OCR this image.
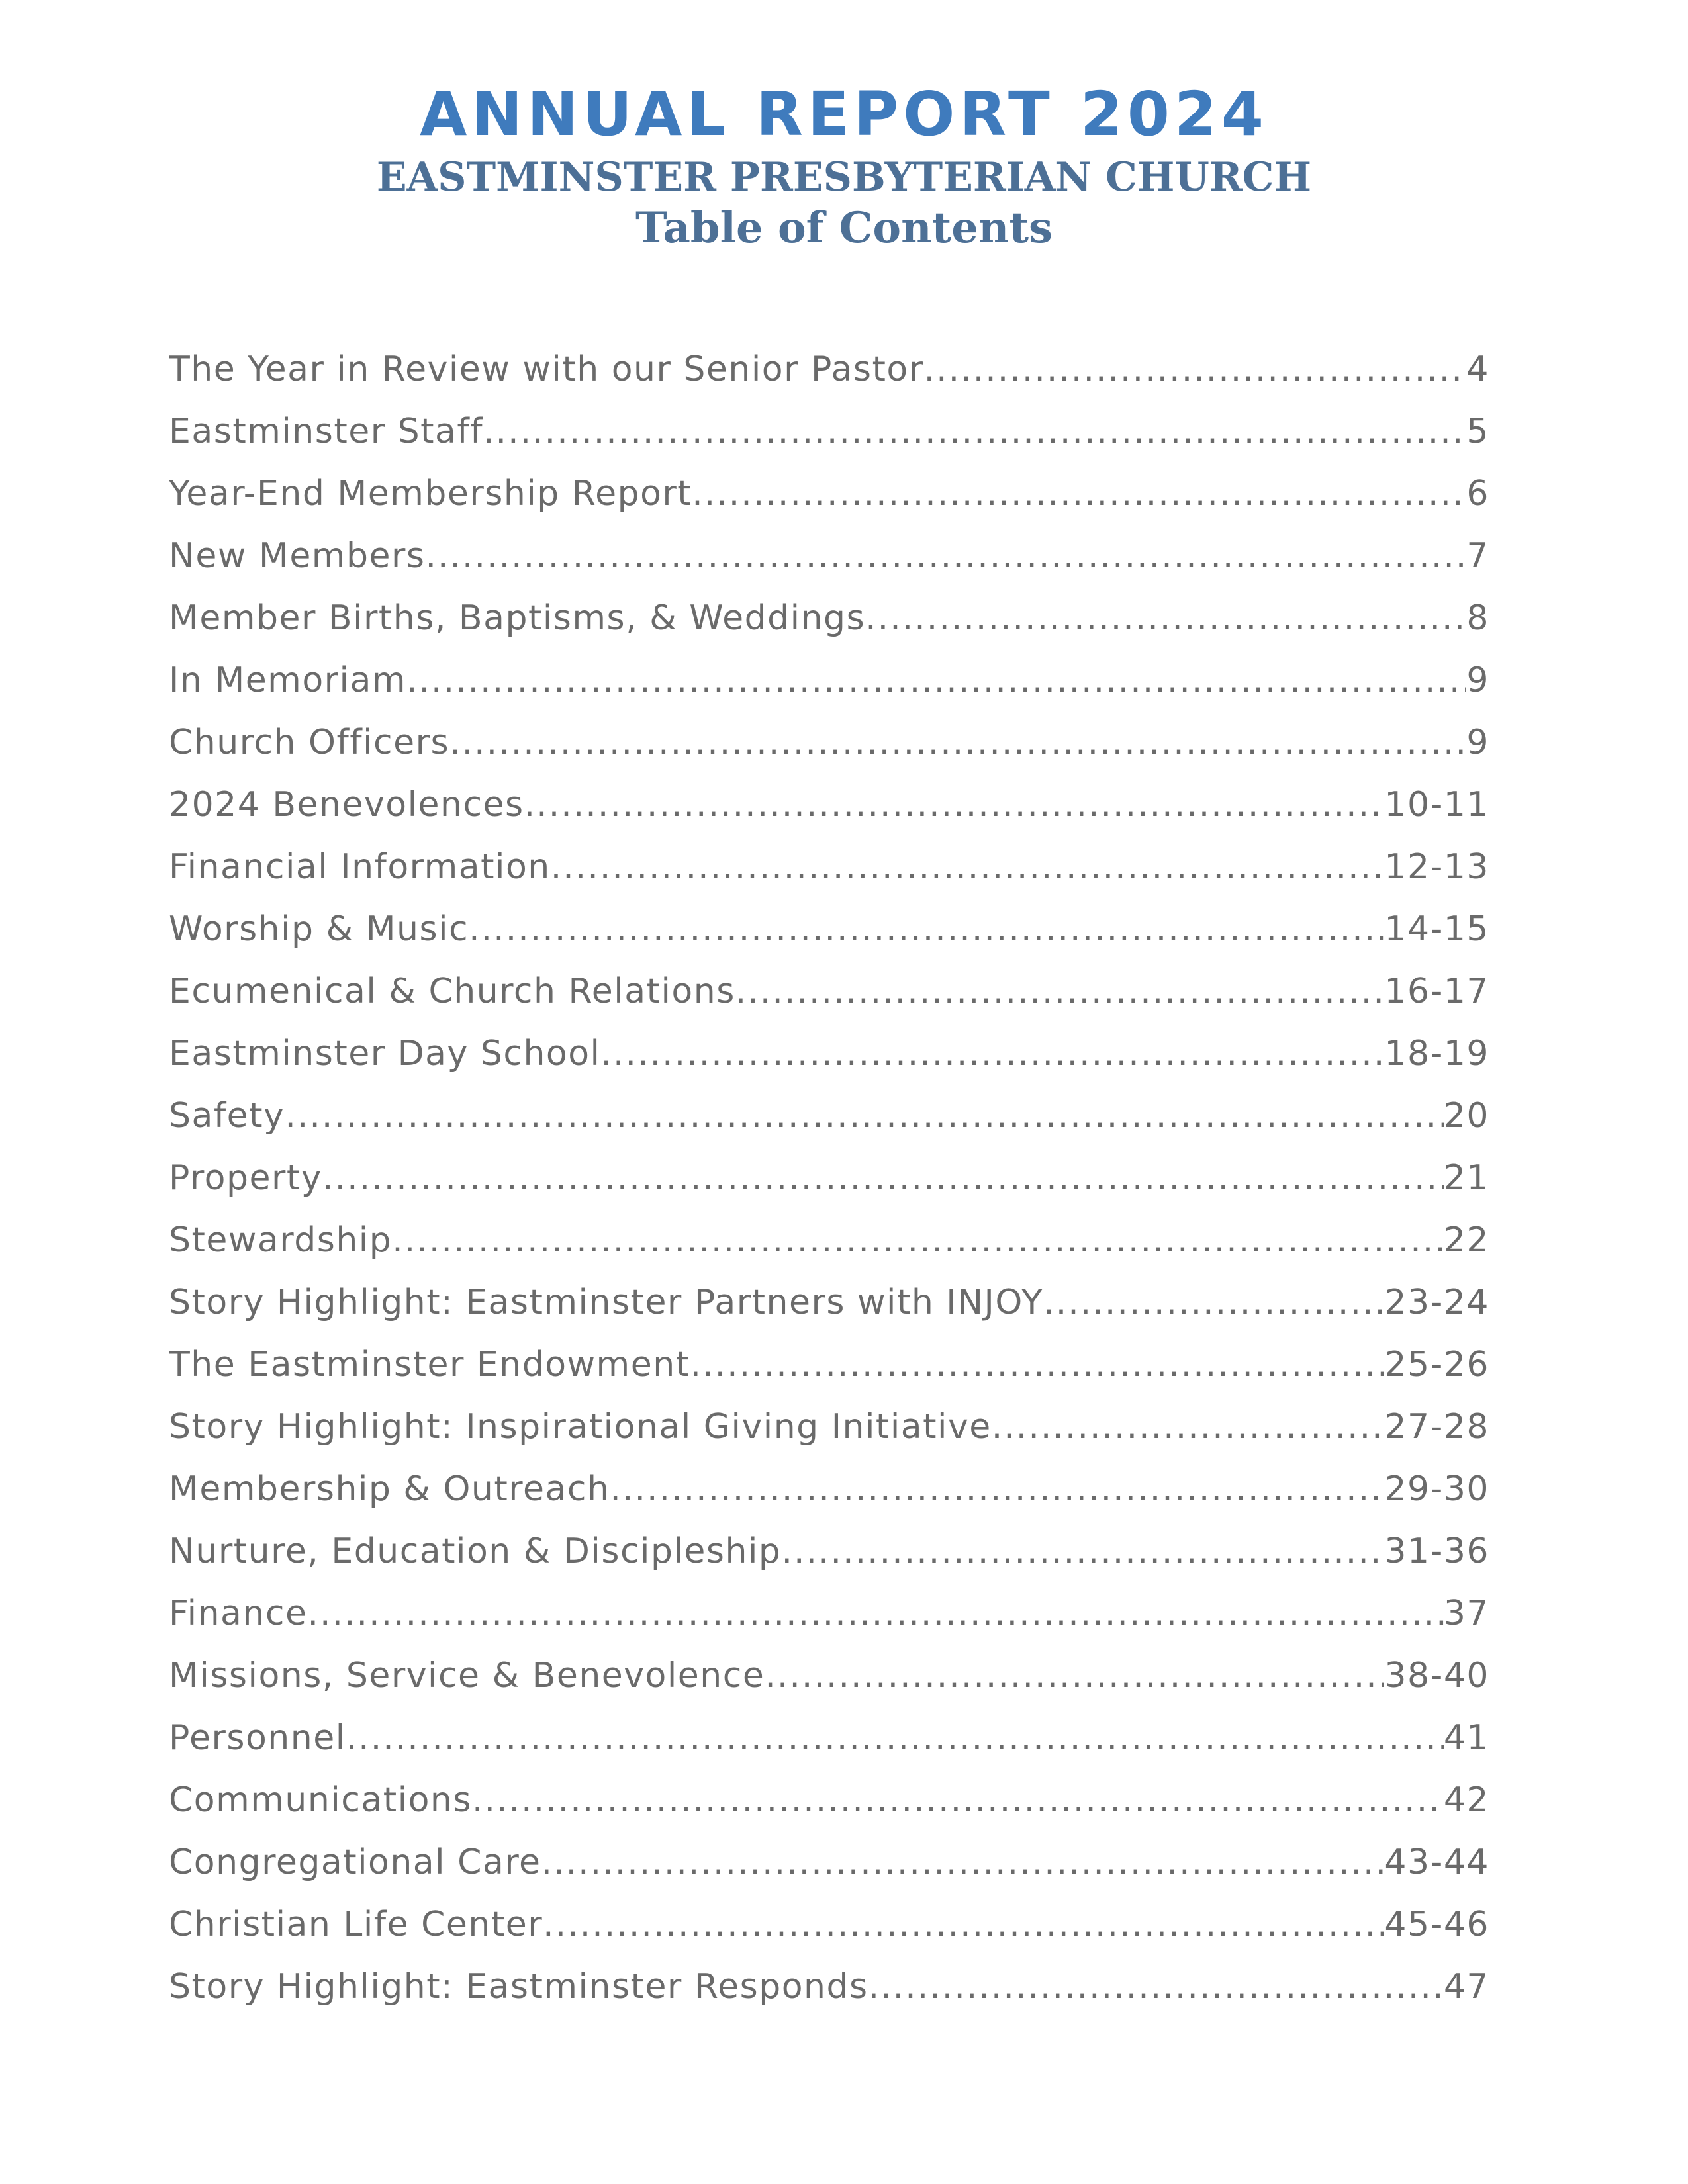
ANNUAL REPORT 2024
EASTMINSTER PRESBYTERIAN CHURCH
Table of Contents
The Year in Review with our Senior Pastor .....	4
Eastminster Staff .....	5
Year-End Membership Report .....	6
New Members .....	7
Member Births, Baptisms, & Weddings .....	8
In Memoriam .....	9
Church Officers .....	9
2024 Benevolences .....	10-11
Financial Information .....	12-13
Worship & Music .....	14-15
Ecumenical & Church Relations .....	16-17
Eastminster Day School .....	18-19
Safety .....	20
Property .....	21
Stewardship .....	22
Story Highlight: Eastminster Partners with INJOY .....	23-24
The Eastminster Endowment .....	25-26
Story Highlight: Inspirational Giving Initiative .....	27-28
Membership & Outreach .....	29-30
Nurture, Education & Discipleship .....	31-36
Finance .....	37
Missions, Service & Benevolence .....	38-40
Personnel .....	41
Communications .....	42
Congregational Care .....	43-44
Christian Life Center .....	45-46
Story Highlight: Eastminster Responds .....	47
